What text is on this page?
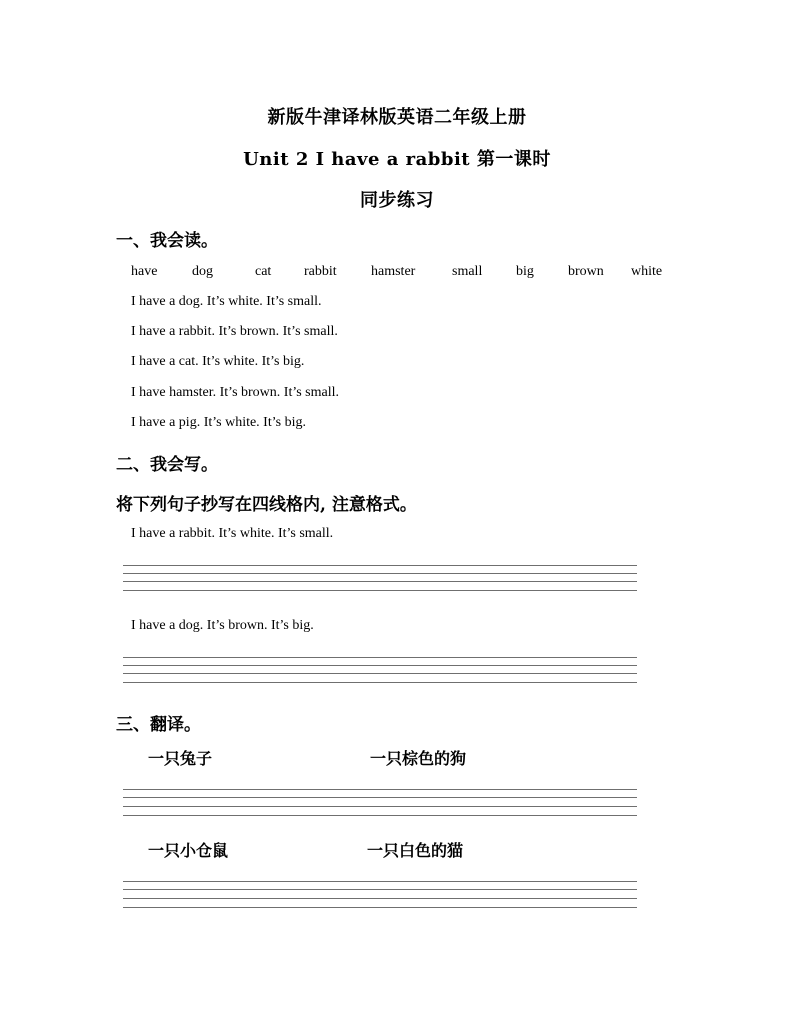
新版牛津译林版英语二年级上册
Unit 2 I have a rabbit 第一课时
同步练习
一、我会读。
have dog	cat rabbit hamster	small big brown white
I have a dog. It’s white. It’s small.
I have a rabbit. It’s brown. It’s small.
I have a cat. It’s white. It’s big.
I have hamster. It’s brown. It’s small.
I have a pig. It’s white. It’s big.
二、我会写。
将下列句子抄写在四线格内, 注意格式。
I have a rabbit. It’s white. It’s small.
I have a dog. It’s brown. It’s big.
三、翻译。
一只兔子	一只棕色的狗
一只小仓鼠	一只白色的猫
